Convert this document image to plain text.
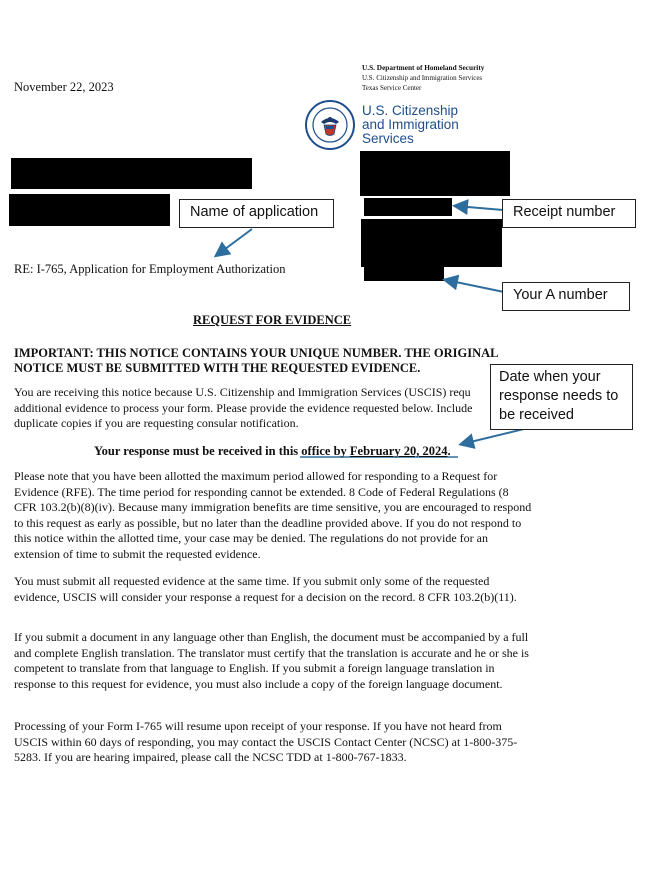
November 22, 2023
U.S. Department of Homeland Security
U.S. Citizenship and Immigration Services
Texas Service Center
U.S. Citizenship
and Immigration
Services
Name of application	Receipt number
Your A number
RE: I-765, Application for Employment Authorization
REQUEST FOR EVIDENCE
IMPORTANT: THIS NOTICE CONTAINS YOUR UNIQUE NUMBER. THE ORIGINAL NOTICE MUST BE SUBMITTED WITH THE REQUESTED EVIDENCE.
You are receiving this notice because U.S. Citizenship and Immigration Services (USCIS) requ
additional evidence to process your form. Please provide the evidence requested below. Include
duplicate copies if you are requesting consular notification.
Date when your
response needs to
be received
Your response must be received in this office by February 20, 2024.
Please note that you have been allotted the maximum period allowed for responding to a Request for Evidence (RFE). The time period for responding cannot be extended. 8 Code of Federal Regulations (8 CFR 103.2(b)(8)(iv). Because many immigration benefits are time sensitive, you are encouraged to respond to this request as early as possible, but no later than the deadline provided above. If you do not respond to this notice within the allotted time, your case may be denied. The regulations do not provide for an extension of time to submit the requested evidence.
You must submit all requested evidence at the same time. If you submit only some of the requested evidence, USCIS will consider your response a request for a decision on the record. 8 CFR 103.2(b)(11).
If you submit a document in any language other than English, the document must be accompanied by a full and complete English translation. The translator must certify that the translation is accurate and he or she is competent to translate from that language to English. If you submit a foreign language translation in response to this request for evidence, you must also include a copy of the foreign language document.
Processing of your Form I-765 will resume upon receipt of your response. If you have not heard from USCIS within 60 days of responding, you may contact the USCIS Contact Center (NCSC) at 1-800-375-5283. If you are hearing impaired, please call the NCSC TDD at 1-800-767-1833.
